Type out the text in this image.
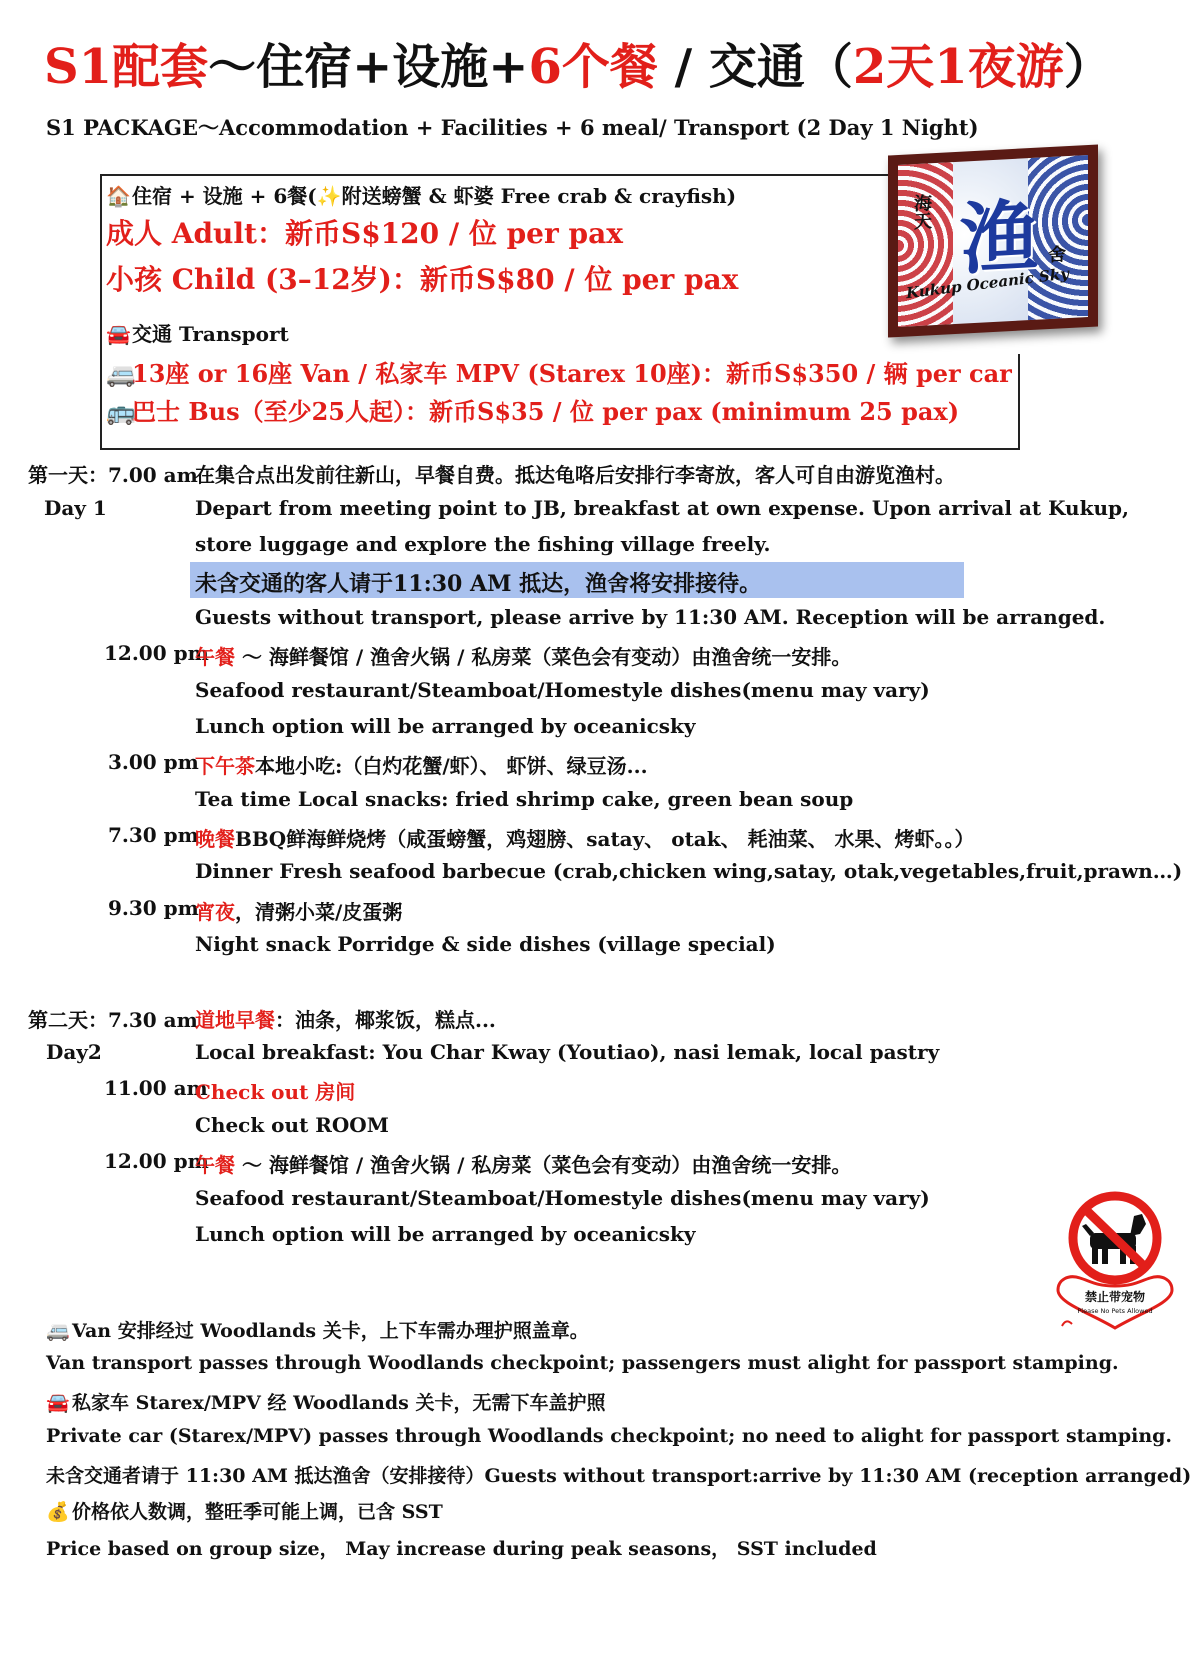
S1配套～住宿+设施+6个餐 / 交通（2天1夜游）
S1 PACKAGE～Accommodation + Facilities + 6 meal/ Transport (2 Day 1 Night)
🏠住宿 + 设施 + 6餐(✨附送螃蟹 & 虾婆 Free crab & crayfish)
成人 Adult：新币S$120 / 位 per pax
小孩 Child (3–12岁)：新币S$80 / 位 per pax
🚘交通 Transport
🚐13座 or 16座 Van / 私家车 MPV (Starex 10座)：新币S$350 / 辆 per car
🚌巴士 Bus（至少25人起）：新币S$35 / 位 per pax (minimum 25 pax)
海天 渔 舍
Kukup Oceanic Sky
第一天：7.00 am
Day 1
在集合点出发前往新山，早餐自费。抵达龟咯后安排行李寄放，客人可自由游览渔村。
Depart from meeting point to JB, breakfast at own expense. Upon arrival at Kukup,
store luggage and explore the fishing village freely.
未含交通的客人请于11:30 AM 抵达，渔舍将安排接待。
Guests without transport, please arrive by 11:30 AM. Reception will be arranged.
12.00 pm
午餐 ～ 海鲜餐馆 / 渔舍火锅 / 私房菜（菜色会有变动）由渔舍统一安排。
Seafood restaurant/Steamboat/Homestyle dishes(menu may vary)
Lunch option will be arranged by oceanicsky
3.00 pm
下午茶本地小吃:（白灼花蟹/虾）、 虾饼、绿豆汤...
Tea time Local snacks: fried shrimp cake, green bean soup
7.30 pm
晚餐BBQ鲜海鲜烧烤（咸蛋螃蟹，鸡翅膀、satay、 otak、 耗油菜、 水果、烤虾。。）
Dinner Fresh seafood barbecue (crab,chicken wing,satay, otak,vegetables,fruit,prawn…)
9.30 pm
宵夜，清粥小菜/皮蛋粥
Night snack Porridge & side dishes (village special)
第二天：7.30 am
Day2
道地早餐：油条，椰浆饭，糕点...
Local breakfast: You Char Kway (Youtiao), nasi lemak, local pastry
11.00 am
Check out 房间
Check out ROOM
12.00 pm
午餐 ～ 海鲜餐馆 / 渔舍火锅 / 私房菜（菜色会有变动）由渔舍统一安排。
Seafood restaurant/Steamboat/Homestyle dishes(menu may vary)
Lunch option will be arranged by oceanicsky
禁止带宠物
Please No Pets Allowed
🚐 Van 安排经过 Woodlands 关卡，上下车需办理护照盖章。
Van transport passes through Woodlands checkpoint; passengers must alight for passport stamping.
🚘 私家车 Starex/MPV 经 Woodlands 关卡，无需下车盖护照
Private car (Starex/MPV) passes through Woodlands checkpoint; no need to alight for passport stamping.
未含交通者请于 11:30 AM 抵达渔舍（安排接待）Guests without transport:arrive by 11:30 AM (reception arranged)
💰 价格依人数调，整旺季可能上调，已含 SST
Price based on group size， May increase during peak seasons， SST included
